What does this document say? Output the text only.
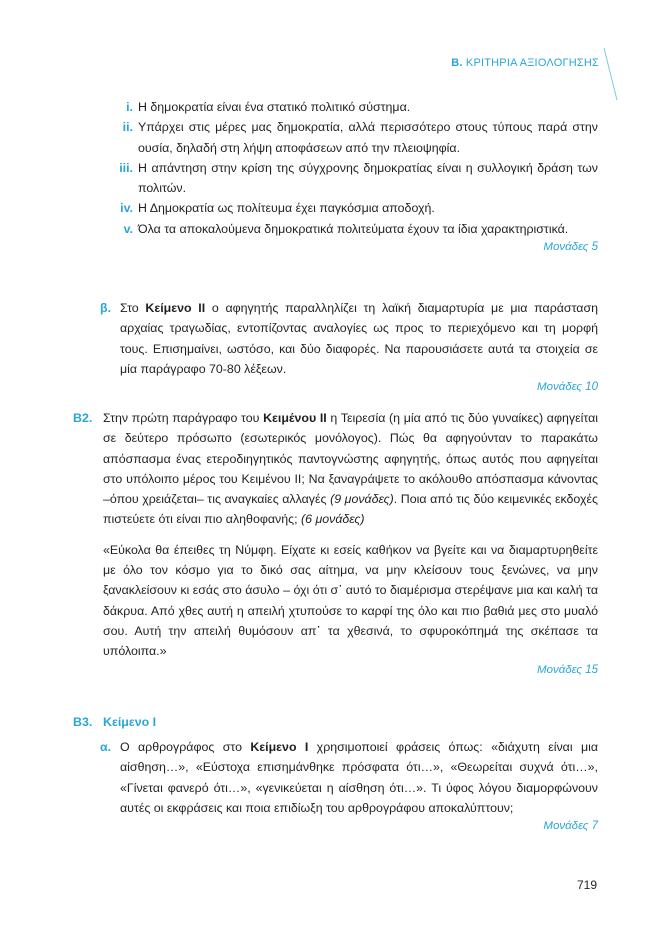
Β. ΚΡΙΤΗΡΙΑ ΑΞΙΟΛΟΓΗΣΗΣ
i. Η δημοκρατία είναι ένα στατικό πολιτικό σύστημα.

ii. Υπάρχει στις μέρες μας δημοκρατία, αλλά περισσότερο στους τύπους παρά στην ουσία, δηλαδή στη λήψη αποφάσεων από την πλειοψηφία.

iii. Η απάντηση στην κρίση της σύγχρονης δημοκρατίας είναι η συλλογική δράση των πολιτών.

iv. Η Δημοκρατία ως πολίτευμα έχει παγκόσμια αποδοχή.

v. Όλα τα αποκαλούμενα δημοκρατικά πολιτεύματα έχουν τα ίδια χαρακτηριστικά.

Μονάδες 5
β. Στο Κείμενο ΙΙ ο αφηγητής παραλληλίζει τη λαϊκή διαμαρτυρία με μια παράσταση αρχαίας τραγωδίας, εντοπίζοντας αναλογίες ως προς το περιεχόμενο και τη μορφή τους. Επισημαίνει, ωστόσο, και δύο διαφορές. Να παρουσιάσετε αυτά τα στοιχεία σε μία παράγραφο 70-80 λέξεων.

Μονάδες 10
Β2. Στην πρώτη παράγραφο του Κειμένου ΙΙ η Τειρεσία (η μία από τις δύο γυναίκες) αφηγείται σε δεύτερο πρόσωπο (εσωτερικός μονόλογος). Πώς θα αφηγούνταν το παρακάτω απόσπασμα ένας ετεροδιηγητικός παντογνώστης αφηγητής, όπως αυτός που αφηγείται στο υπόλοιπο μέρος του Κειμένου ΙΙ; Να ξαναγράψετε το ακόλουθο απόσπασμα κάνοντας –όπου χρειάζεται– τις αναγκαίες αλλαγές (9 μονάδες). Ποια από τις δύο κειμενικές εκδοχές πιστεύετε ότι είναι πιο αληθοφανής; (6 μονάδες)

«Εύκολα θα έπειθες τη Νύμφη. Είχατε κι εσείς καθήκον να βγείτε και να διαμαρτυρηθείτε με όλο τον κόσμο για το δικό σας αίτημα, να μην κλείσουν τους ξενώνες, να μην ξανακλείσουν κι εσάς στο άσυλο – όχι ότι σ᾿ αυτό το διαμέρισμα στερέψανε μια και καλή τα δάκρυα. Από χθες αυτή η απειλή χτυπούσε το καρφί της όλο και πιο βαθιά μες στο μυαλό σου. Αυτή την απειλή θυμόσουν απ᾿ τα χθεσινά, το σφυροκόπημά της σκέπασε τα υπόλοιπα.»

Μονάδες 15
Β3. Κείμενο Ι

α. Ο αρθρογράφος στο Κείμενο Ι χρησιμοποιεί φράσεις όπως: «διάχυτη είναι μια αίσθηση…», «Εύστοχα επισημάνθηκε πρόσφατα ότι…», «Θεωρείται συχνά ότι…», «Γίνεται φανερό ότι…», «γενικεύεται η αίσθηση ότι…». Τι ύφος λόγου διαμορφώνουν αυτές οι εκφράσεις και ποια επιδίωξη του αρθρογράφου αποκαλύπτουν;

Μονάδες 7
719
